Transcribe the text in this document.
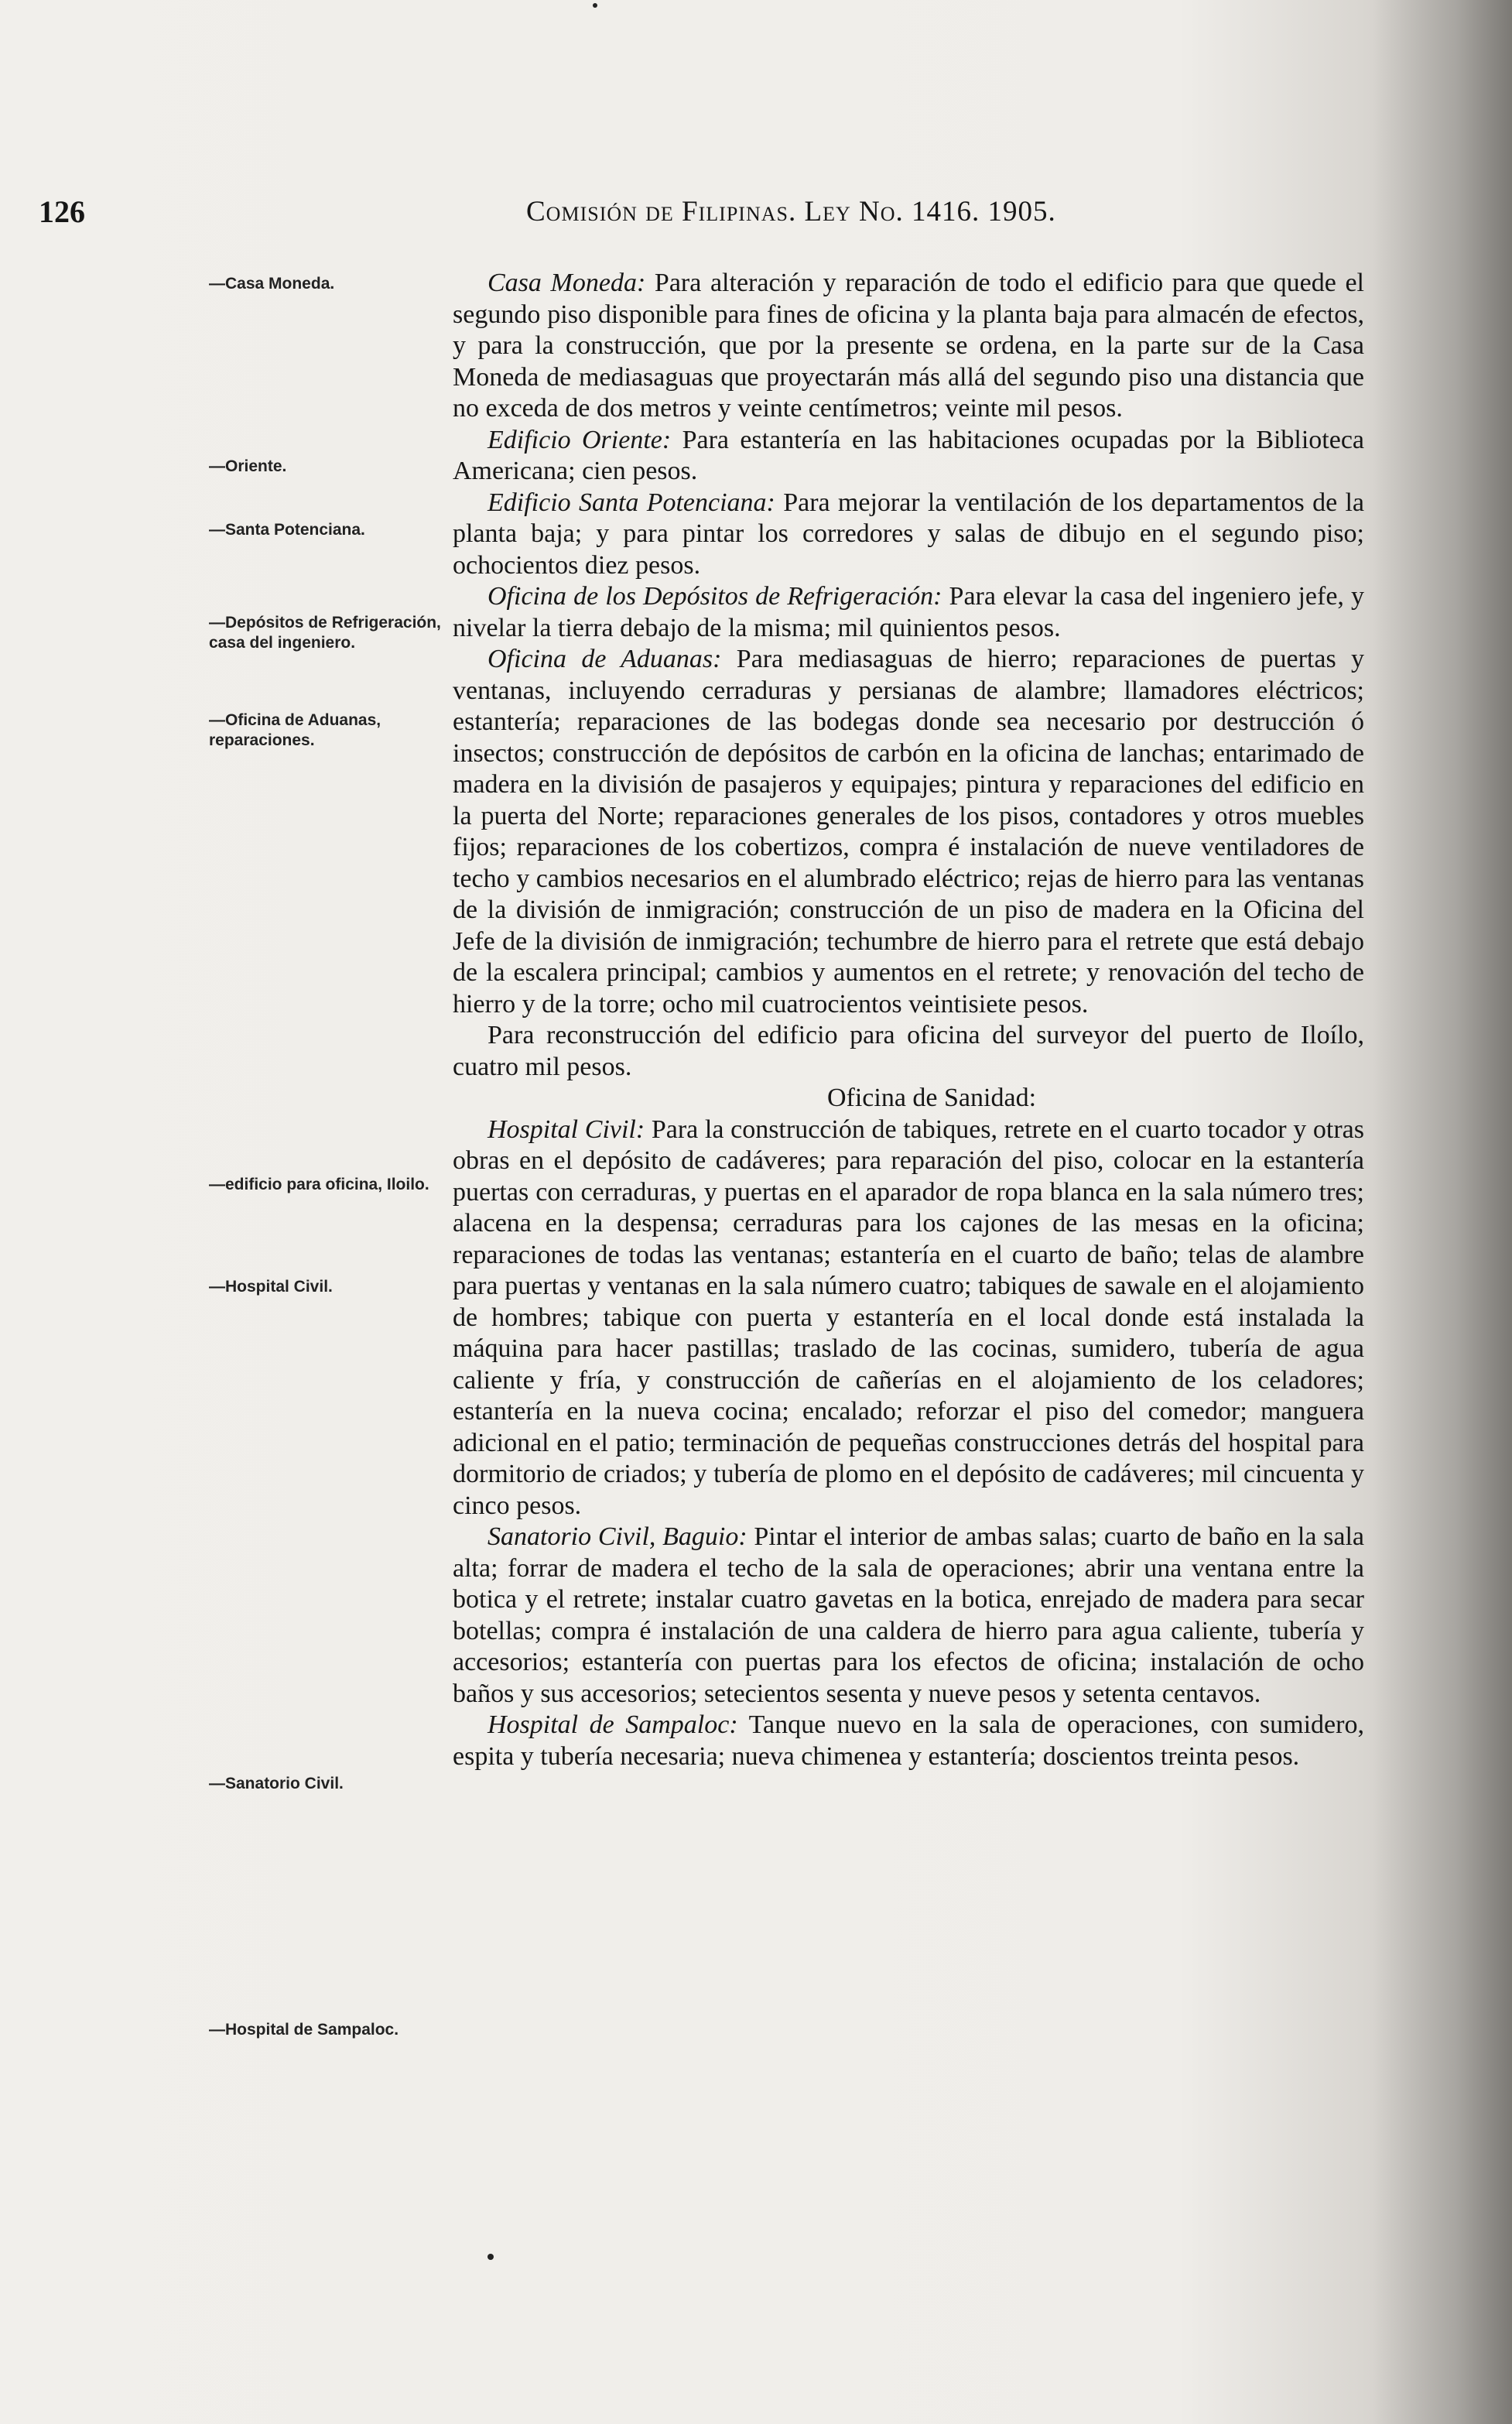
126	Comisión de Filipinas. Ley No. 1416. 1905.
—Casa Moneda.
—Oriente.
—Santa Potenciana.
—Depósitos de Refrigeración, casa del ingeniero.
—Oficina de Aduanas, reparaciones.
—edificio para oficina, Iloilo.
—Hospital Civil.
—Sanatorio Civil.
—Hospital de Sampaloc.

Casa Moneda: Para alteración y reparación de todo el edificio para que quede el segundo piso disponible para fines de oficina y la planta baja para almacén de efectos, y para la construcción, que por la presente se ordena, en la parte sur de la Casa Moneda de mediasaguas que proyectarán más allá del segundo piso una distancia que no exceda de dos metros y veinte centímetros; veinte mil pesos.

Edificio Oriente: Para estantería en las habitaciones ocupadas por la Biblioteca Americana; cien pesos.

Edificio Santa Potenciana: Para mejorar la ventilación de los departamentos de la planta baja; y para pintar los corredores y salas de dibujo en el segundo piso; ochocientos diez pesos.

Oficina de los Depósitos de Refrigeración: Para elevar la casa del ingeniero jefe, y nivelar la tierra debajo de la misma; mil quinientos pesos.

Oficina de Aduanas: Para mediasaguas de hierro; reparaciones de puertas y ventanas, incluyendo cerraduras y persianas de alambre; llamadores eléctricos; estantería; reparaciones de las bodegas donde sea necesario por destrucción ó insectos; construcción de depósitos de carbón en la oficina de lanchas; entarimado de madera en la división de pasajeros y equipajes; pintura y reparaciones del edificio en la puerta del Norte; reparaciones generales de los pisos, contadores y otros muebles fijos; reparaciones de los cobertizos, compra é instalación de nueve ventiladores de techo y cambios necesarios en el alumbrado eléctrico; rejas de hierro para las ventanas de la división de inmigración; construcción de un piso de madera en la Oficina del Jefe de la división de inmigración; techumbre de hierro para el retrete que está debajo de la escalera principal; cambios y aumentos en el retrete; y renovación del techo de hierro y de la torre; ocho mil cuatrocientos veintisiete pesos.

Para reconstrucción del edificio para oficina del surveyor del puerto de Iloílo, cuatro mil pesos.

Oficina de Sanidad:

Hospital Civil: Para la construcción de tabiques, retrete en el cuarto tocador y otras obras en el depósito de cadáveres; para reparación del piso, colocar en la estantería puertas con cerraduras, y puertas en el aparador de ropa blanca en la sala número tres; alacena en la despensa; cerraduras para los cajones de las mesas en la oficina; reparaciones de todas las ventanas; estantería en el cuarto de baño; telas de alambre para puertas y ventanas en la sala número cuatro; tabiques de sawale en el alojamiento de hombres; tabique con puerta y estantería en el local donde está instalada la máquina para hacer pastillas; traslado de las cocinas, sumidero, tubería de agua caliente y fría, y construcción de cañerías en el alojamiento de los celadores; estantería en la nueva cocina; encalado; reforzar el piso del comedor; manguera adicional en el patio; terminación de pequeñas construcciones detrás del hospital para dormitorio de criados; y tubería de plomo en el depósito de cadáveres; mil cincuenta y cinco pesos.

Sanatorio Civil, Baguio: Pintar el interior de ambas salas; cuarto de baño en la sala alta; forrar de madera el techo de la sala de operaciones; abrir una ventana entre la botica y el retrete; instalar cuatro gavetas en la botica, enrejado de madera para secar botellas; compra é instalación de una caldera de hierro para agua caliente, tubería y accesorios; estantería con puertas para los efectos de oficina; instalación de ocho baños y sus accesorios; setecientos sesenta y nueve pesos y setenta centavos.

Hospital de Sampaloc: Tanque nuevo en la sala de operaciones, con sumidero, espita y tubería necesaria; nueva chimenea y estantería; doscientos treinta pesos.
